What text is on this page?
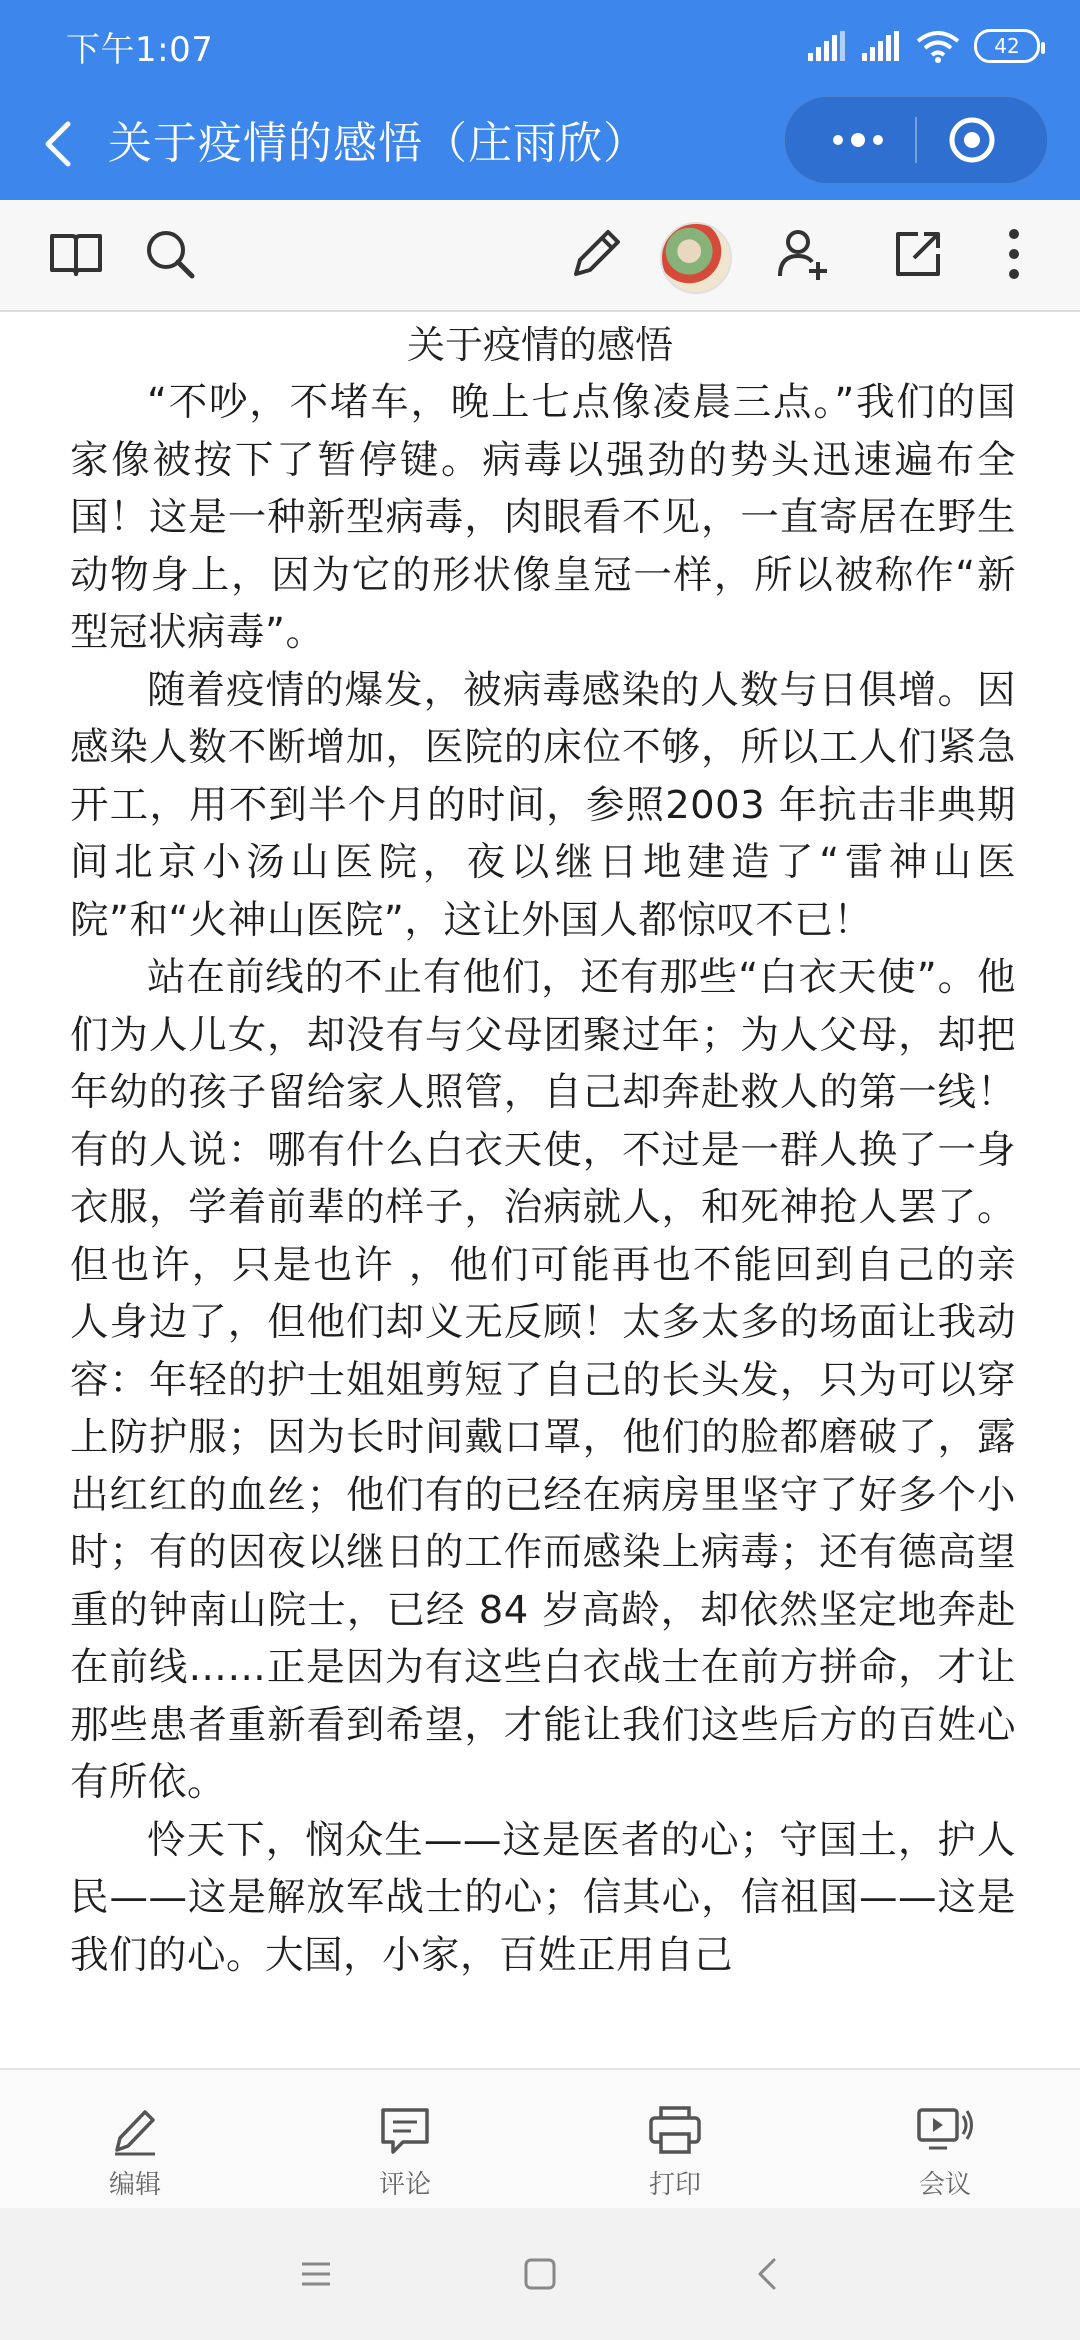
下午1:07	42
关于疫情的感悟（庄雨欣）
关于疫情的感悟

“不吵，不堵车，晚上七点像凌晨三点。”我们的国家像被按下了暂停键。病毒以强劲的势头迅速遍布全国！这是一种新型病毒，肉眼看不见，一直寄居在野生动物身上，因为它的形状像皇冠一样，所以被称作“新型冠状病毒”。

随着疫情的爆发，被病毒感染的人数与日俱增。因感染人数不断增加，医院的床位不够，所以工人们紧急开工，用不到半个月的时间，参照2003 年抗击非典期间北京小汤山医院，夜以继日地建造了“雷神山医院”和“火神山医院”，这让外国人都惊叹不已！

站在前线的不止有他们，还有那些“白衣天使”。他们为人儿女，却没有与父母团聚过年；为人父母，却把年幼的孩子留给家人照管，自己却奔赴救人的第一线！有的人说：哪有什么白衣天使，不过是一群人换了一身衣服，学着前辈的样子，治病就人，和死神抢人罢了。但也许，只是也许 ，他们可能再也不能回到自己的亲人身边了，但他们却义无反顾！太多太多的场面让我动容：年轻的护士姐姐剪短了自己的长头发，只为可以穿上防护服；因为长时间戴口罩，他们的脸都磨破了，露出红红的血丝；他们有的已经在病房里坚守了好多个小时；有的因夜以继日的工作而感染上病毒；还有德高望重的钟南山院士，已经 84 岁高龄，却依然坚定地奔赴在前线……正是因为有这些白衣战士在前方拼命，才让那些患者重新看到希望，才能让我们这些后方的百姓心有所依。

怜天下，悯众生——这是医者的心；守国土，护人民——这是解放军战士的心；信其心，信祖国——这是我们的心。大国，小家，百姓正用自己

编辑	评论	打印	会议
